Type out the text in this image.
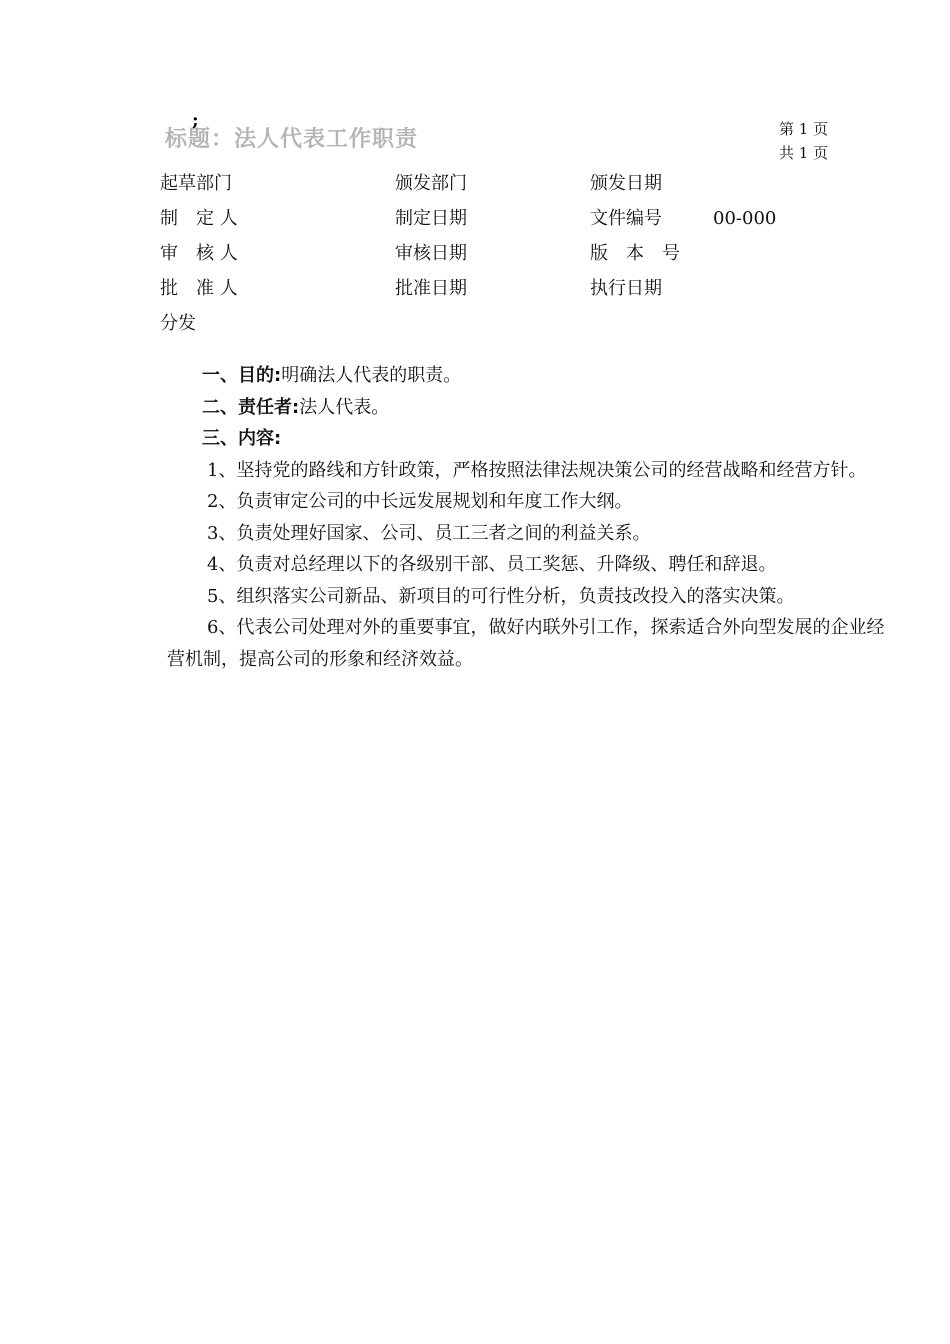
;
标题：法人代表工作职责	第 1 页
共 1 页
起草部门	颁发部门	颁发日期
制　定 人	制定日期	文件编号	00-000
审　核 人	审核日期	版　本　号
批　准 人	批准日期	执行日期
分发
一、目的:明确法人代表的职责。
二、责任者:法人代表。
三、内容:

1、坚持党的路线和方针政策，严格按照法律法规决策公司的经营战略和经营方针。

2、负责审定公司的中长远发展规划和年度工作大纲。

3、负责处理好国家、公司、员工三者之间的利益关系。

4、负责对总经理以下的各级别干部、员工奖惩、升降级、聘任和辞退。

5、组织落实公司新品、新项目的可行性分析，负责技改投入的落实决策。

6、代表公司处理对外的重要事宜，做好内联外引工作，探索适合外向型发展的企业经营机制，提高公司的形象和经济效益。
